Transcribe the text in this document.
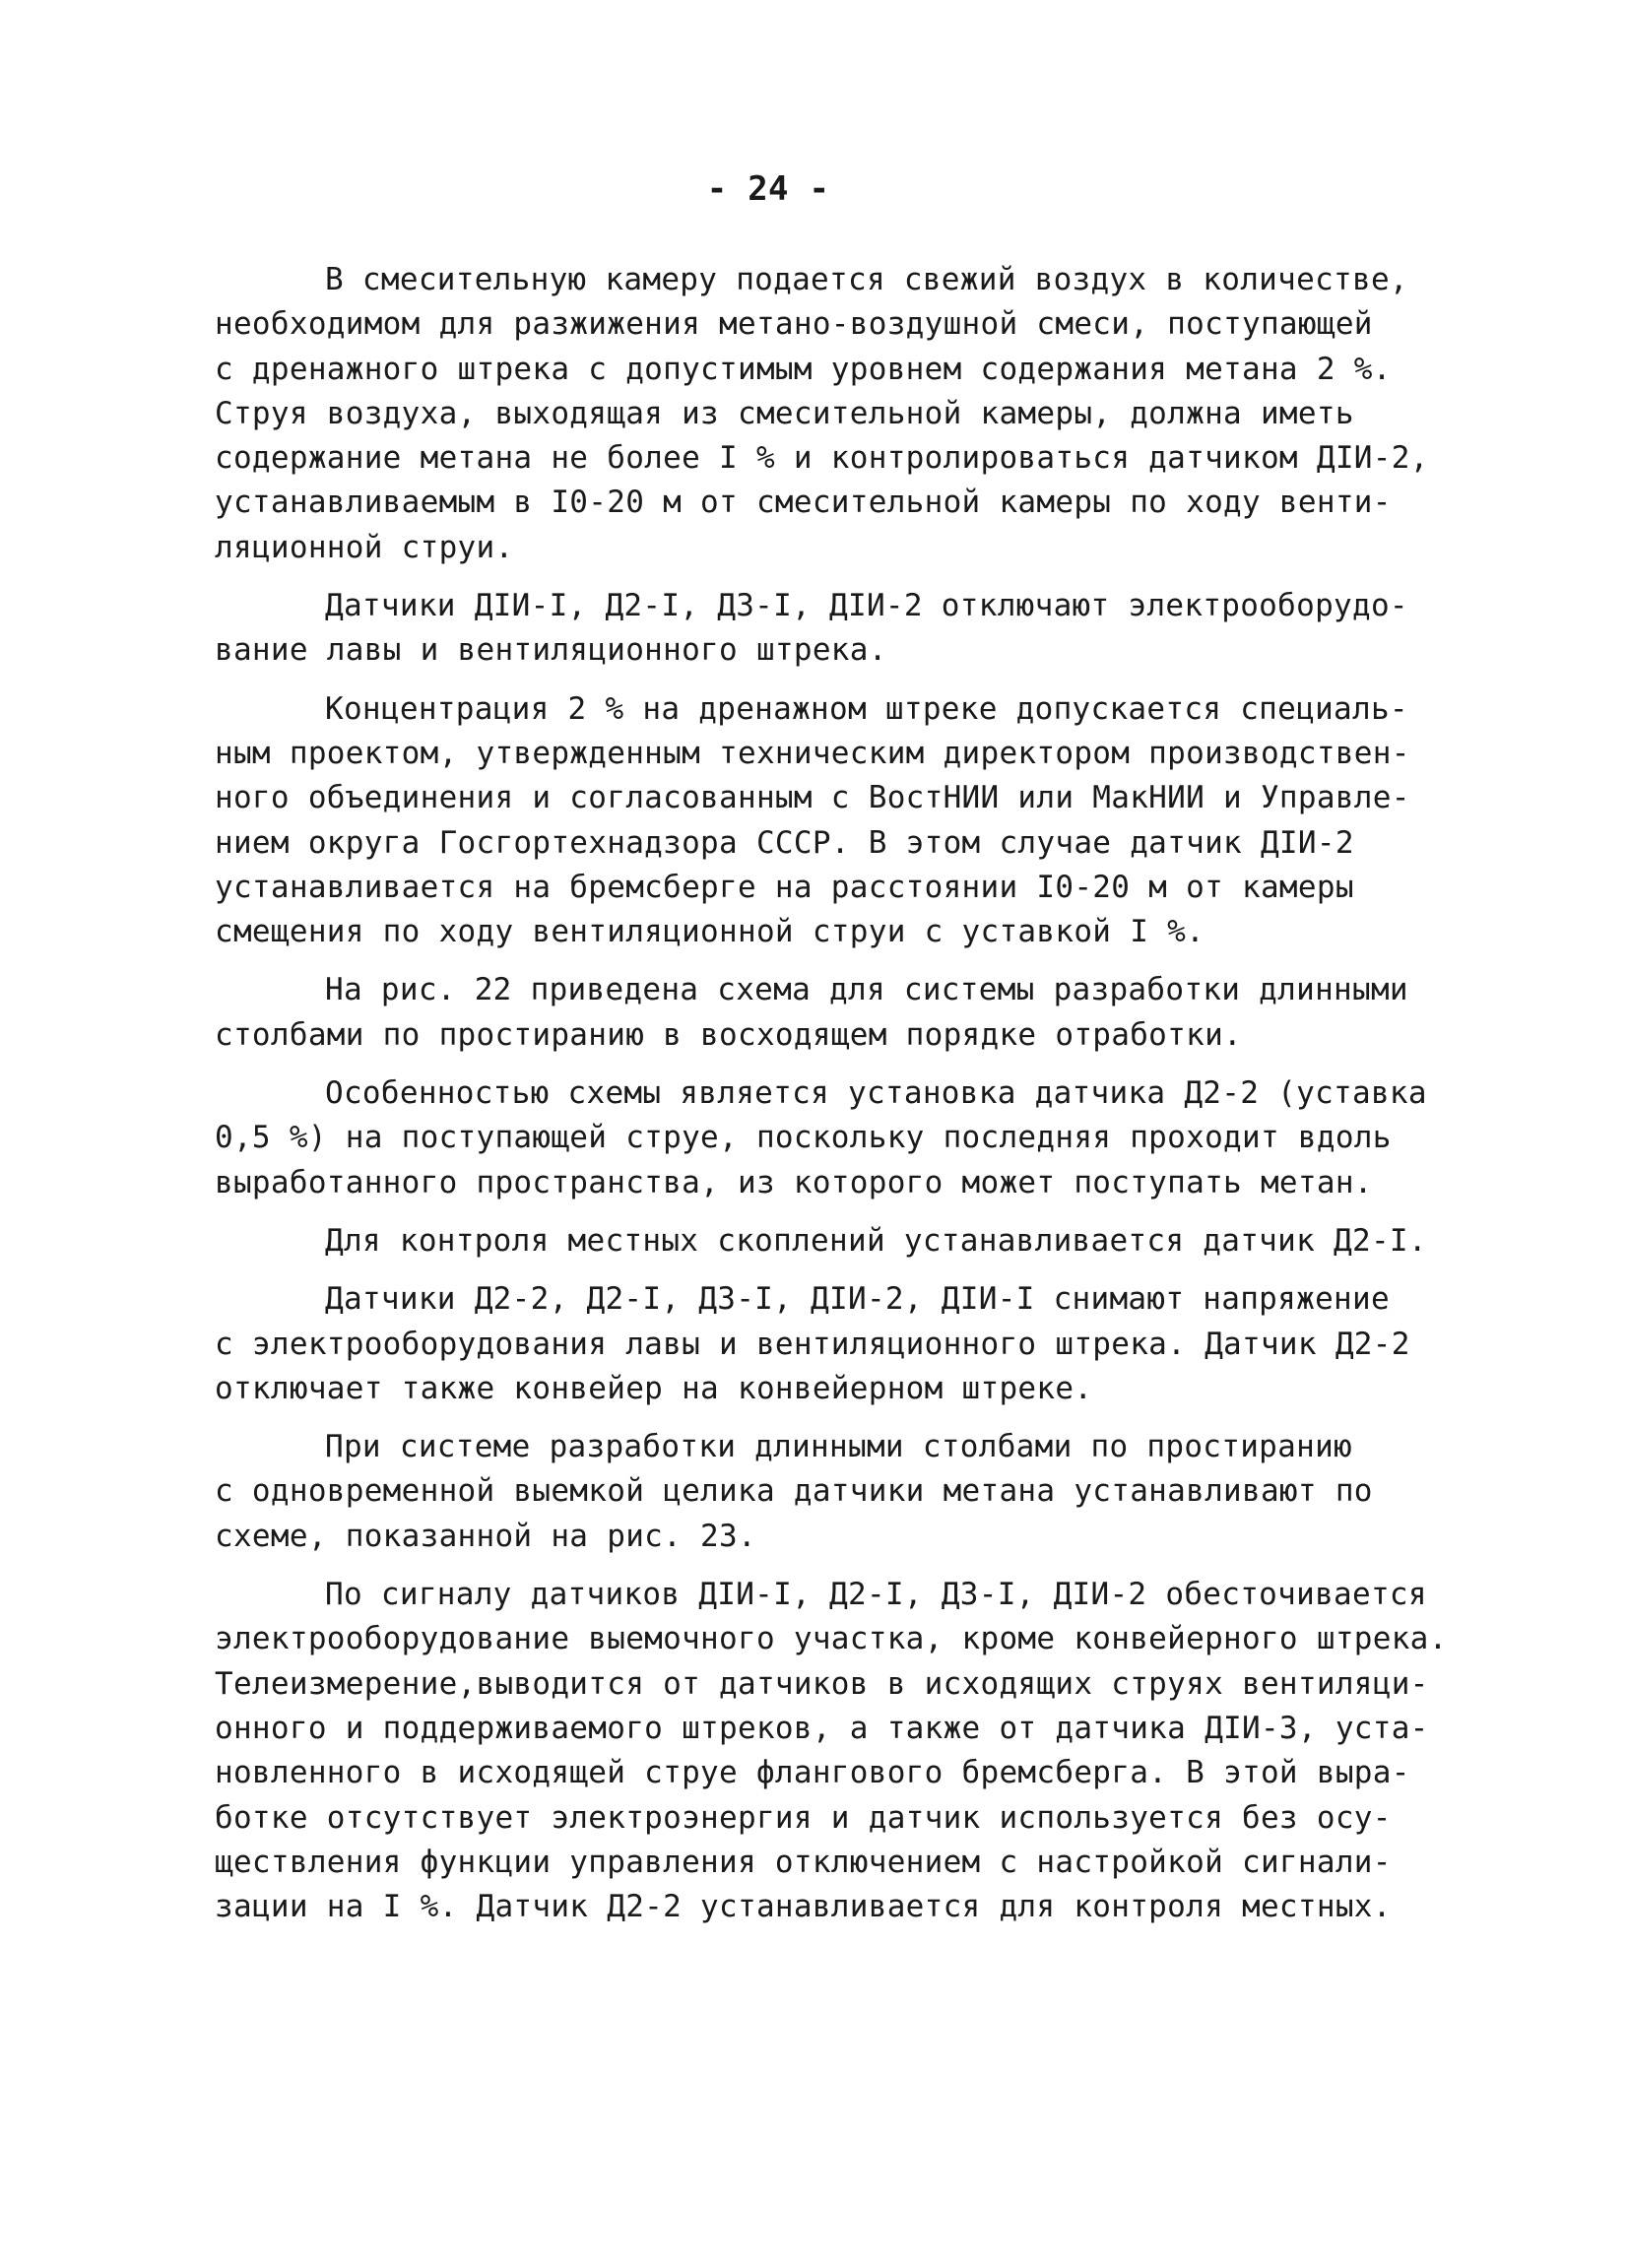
- 24 -
В смесительную камеру подается свежий воздух в количестве,
необходимом для разжижения метано-воздушной смеси, поступающей
с дренажного штрека с допустимым уровнем содержания метана 2 %.
Струя воздуха, выходящая из смесительной камеры, должна иметь
содержание метана не более I % и контролироваться датчиком ДIИ-2,
устанавливаемым в I0-20 м от смесительной камеры по ходу венти-
ляционной струи.
Датчики ДIИ-I, Д2-I, Д3-I, ДIИ-2 отключают электрооборудо-
вание лавы и вентиляционного штрека.
Концентрация 2 % на дренажном штреке допускается специаль-
ным проектом, утвержденным техническим директором производствен-
ного объединения и согласованным с ВостНИИ или МакНИИ и Управле-
нием округа Госгортехнадзора СССР. В этом случае датчик ДIИ-2
устанавливается на бремсберге на расстоянии I0-20 м от камеры
смещения по ходу вентиляционной струи с уставкой I %.
На рис. 22 приведена схема для системы разработки длинными
столбами по простиранию в восходящем порядке отработки.
Особенностью схемы является установка датчика Д2-2 (уставка
0,5 %) на поступающей струе, поскольку последняя проходит вдоль
выработанного пространства, из которого может поступать метан.
Для контроля местных скоплений устанавливается датчик Д2-I.
Датчики Д2-2, Д2-I, Д3-I, ДIИ-2, ДIИ-I снимают напряжение
с электрооборудования лавы и вентиляционного штрека. Датчик Д2-2
отключает также конвейер на конвейерном штреке.
При системе разработки длинными столбами по простиранию
с одновременной выемкой целика датчики метана устанавливают по
схеме, показанной на рис. 23.
По сигналу датчиков ДIИ-I, Д2-I, Д3-I, ДIИ-2 обесточивается
электрооборудование выемочного участка, кроме конвейерного штрека.
Телеизмерение,выводится от датчиков в исходящих струях вентиляци-
онного и поддерживаемого штреков, а также от датчика ДIИ-3, уста-
новленного в исходящей струе флангового бремсберга. В этой выра-
ботке отсутствует электроэнергия и датчик используется без осу-
ществления функции управления отключением с настройкой сигнали-
зации на I %. Датчик Д2-2 устанавливается для контроля местных.
